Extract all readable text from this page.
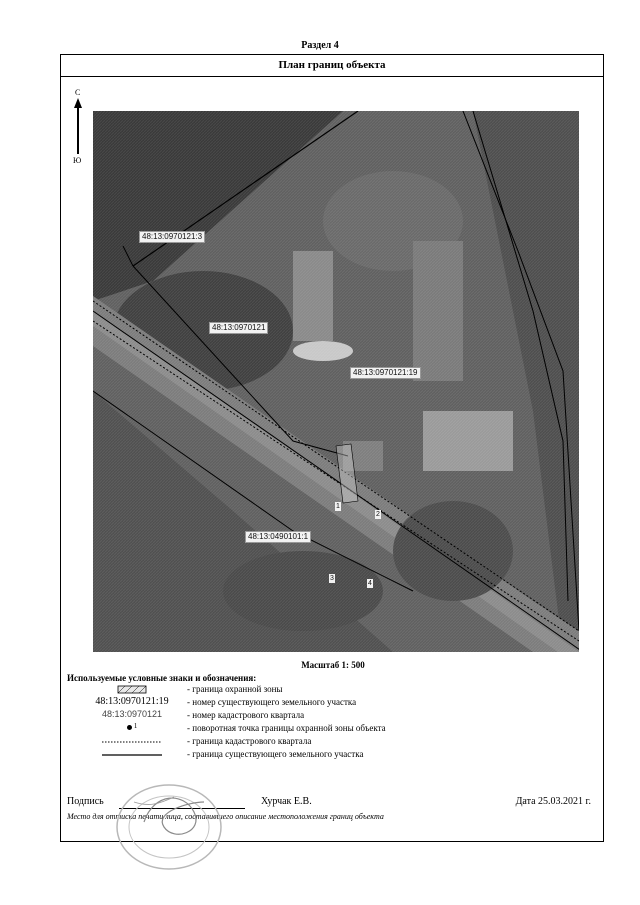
Раздел 4
План границ объекта
С
Ю
48:13:0970121:3
48:13:0970121
48:13:0970121:19
48:13:0490101:1
1
2
3
4
Масштаб 1: 500
Используемые условные знаки и обозначения:
- граница охранной зоны
48:13:0970121:19	- номер существующего земельного участка
48:13:0970121	- номер кадастрового квартала
$^1$	- поворотная точка границы охранной зоны объекта
- граница кадастрового квартала
- граница существующего земельного участка
Подпись	Хурчак Е.В.	Дата 25.03.2021 г.
Место для оттиска печати лица, составившего описание местоположения границ объекта
